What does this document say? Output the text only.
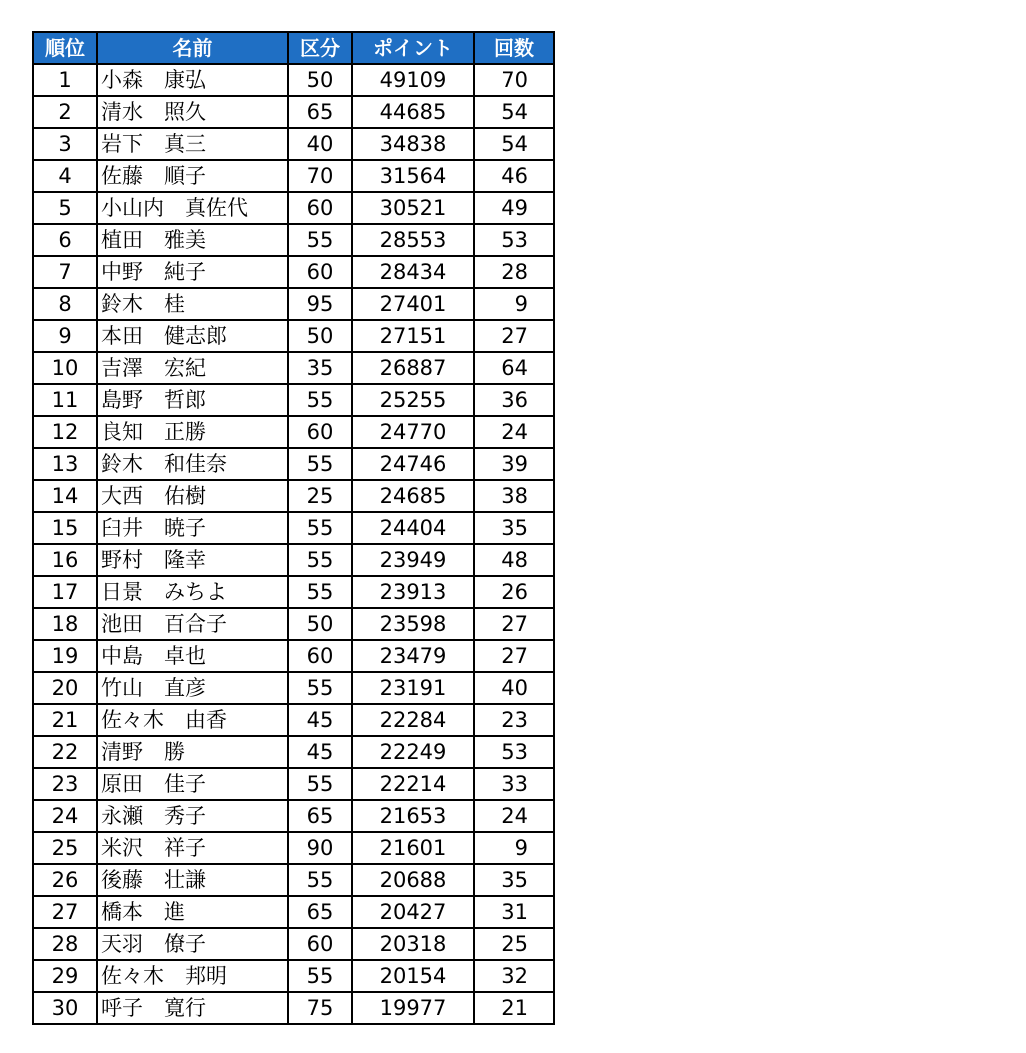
順位	名前	区分	ポイント	回数
1	小森　康弘	50	49109	70
2	清水　照久	65	44685	54
3	岩下　真三	40	34838	54
4	佐藤　順子	70	31564	46
5	小山内　真佐代	60	30521	49
6	植田　雅美	55	28553	53
7	中野　純子	60	28434	28
8	鈴木　桂	95	27401	9
9	本田　健志郎	50	27151	27
10	吉澤　宏紀	35	26887	64
11	島野　哲郎	55	25255	36
12	良知　正勝	60	24770	24
13	鈴木　和佳奈	55	24746	39
14	大西　佑樹	25	24685	38
15	臼井　暁子	55	24404	35
16	野村　隆幸	55	23949	48
17	日景　みちよ	55	23913	26
18	池田　百合子	50	23598	27
19	中島　卓也	60	23479	27
20	竹山　直彦	55	23191	40
21	佐々木　由香	45	22284	23
22	清野　勝	45	22249	53
23	原田　佳子	55	22214	33
24	永瀬　秀子	65	21653	24
25	米沢　祥子	90	21601	9
26	後藤　壮謙	55	20688	35
27	橋本　進	65	20427	31
28	天羽　僚子	60	20318	25
29	佐々木　邦明	55	20154	32
30	呼子　寛行	75	19977	21
